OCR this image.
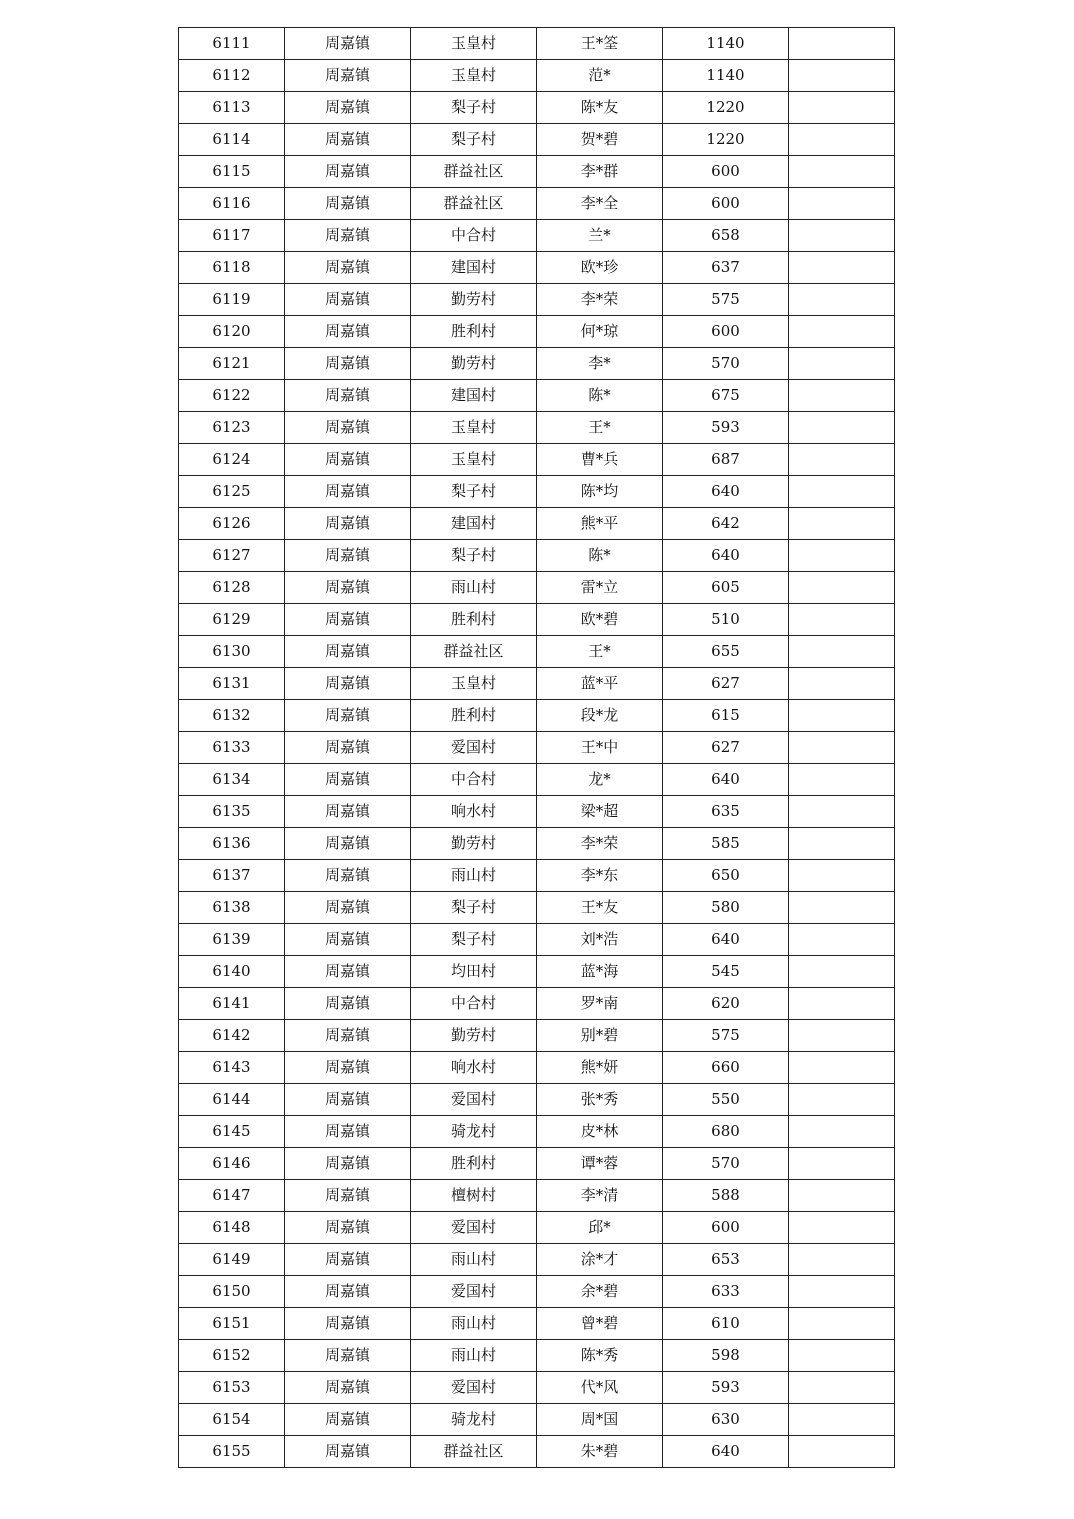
6111	周嘉镇	玉皇村	王*筌	1140	
6112	周嘉镇	玉皇村	范*	1140	
6113	周嘉镇	梨子村	陈*友	1220	
6114	周嘉镇	梨子村	贺*碧	1220	
6115	周嘉镇	群益社区	李*群	600	
6116	周嘉镇	群益社区	李*全	600	
6117	周嘉镇	中合村	兰*	658	
6118	周嘉镇	建国村	欧*珍	637	
6119	周嘉镇	勤劳村	李*荣	575	
6120	周嘉镇	胜利村	何*琼	600	
6121	周嘉镇	勤劳村	李*	570	
6122	周嘉镇	建国村	陈*	675	
6123	周嘉镇	玉皇村	王*	593	
6124	周嘉镇	玉皇村	曹*兵	687	
6125	周嘉镇	梨子村	陈*均	640	
6126	周嘉镇	建国村	熊*平	642	
6127	周嘉镇	梨子村	陈*	640	
6128	周嘉镇	雨山村	雷*立	605	
6129	周嘉镇	胜利村	欧*碧	510	
6130	周嘉镇	群益社区	王*	655	
6131	周嘉镇	玉皇村	蓝*平	627	
6132	周嘉镇	胜利村	段*龙	615	
6133	周嘉镇	爱国村	王*中	627	
6134	周嘉镇	中合村	龙*	640	
6135	周嘉镇	响水村	梁*超	635	
6136	周嘉镇	勤劳村	李*荣	585	
6137	周嘉镇	雨山村	李*东	650	
6138	周嘉镇	梨子村	王*友	580	
6139	周嘉镇	梨子村	刘*浩	640	
6140	周嘉镇	均田村	蓝*海	545	
6141	周嘉镇	中合村	罗*南	620	
6142	周嘉镇	勤劳村	别*碧	575	
6143	周嘉镇	响水村	熊*妍	660	
6144	周嘉镇	爱国村	张*秀	550	
6145	周嘉镇	骑龙村	皮*林	680	
6146	周嘉镇	胜利村	谭*蓉	570	
6147	周嘉镇	檀树村	李*清	588	
6148	周嘉镇	爱国村	邱*	600	
6149	周嘉镇	雨山村	涂*才	653	
6150	周嘉镇	爱国村	余*碧	633	
6151	周嘉镇	雨山村	曾*碧	610	
6152	周嘉镇	雨山村	陈*秀	598	
6153	周嘉镇	爱国村	代*风	593	
6154	周嘉镇	骑龙村	周*国	630	
6155	周嘉镇	群益社区	朱*碧	640	
